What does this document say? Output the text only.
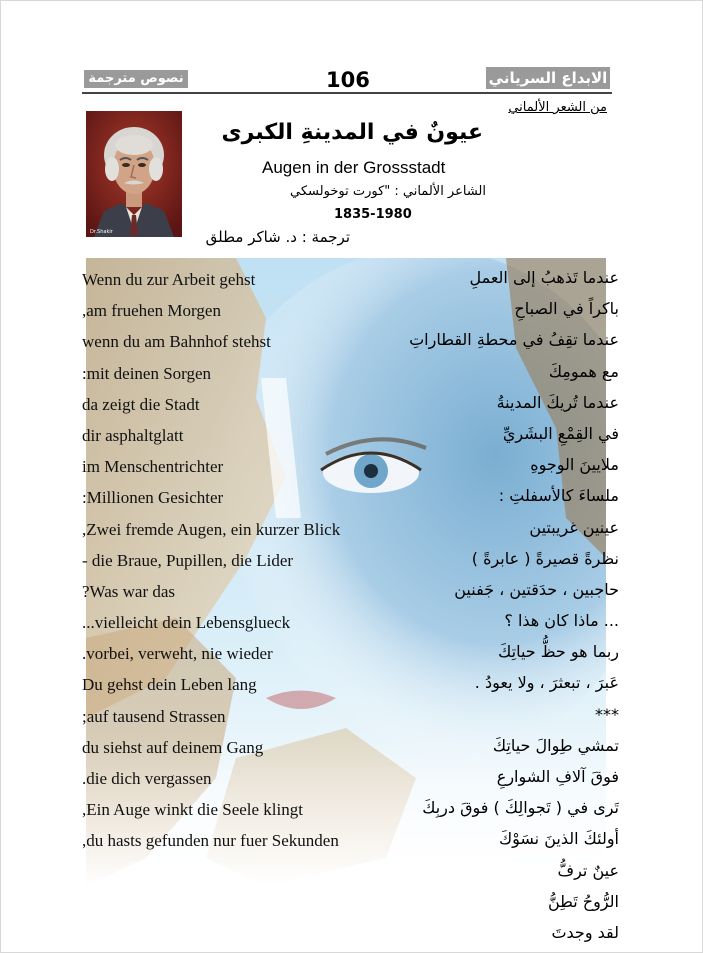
نصوص مترجمة	106	الابداع السرياني
من الشعر الألماني
Dr.Shakir
عيونٌ في المدينةِ الكبرى
Augen in der Grossstadt
الشاعر الألماني : "كورت توخولسكي
1835-1980
ترجمة : د. شاكر مطلق
Wenn du zur Arbeit gehst
,am fruehen Morgen
wenn du am Bahnhof stehst
:mit deinen Sorgen
da zeigt die Stadt
dir asphaltglatt
im Menschentrichter
:Millionen Gesichter
,Zwei fremde Augen, ein kurzer Blick
- die Braue, Pupillen, die Lider
?Was war das
...vielleicht dein Lebensglueck
.vorbei, verweht, nie wieder
Du gehst dein Leben lang
;auf tausend Strassen
du siehst auf deinem Gang
.die dich vergassen
,Ein Auge winkt die Seele klingt
,du hasts gefunden nur fuer Sekunden
عندما تَذهبُ إلى العملِ
باكراً في الصباحِ
عندما تقِفُ في محطةِ القطاراتِ
مع همومِكَ
عندما تُريكَ المدينةُ
في القِمْعِ البشَريِّ
ملايينَ الوجوهِ
ملساءَ كالأسفلتِ :
عينين غريبتين
نظرةً قصيرةً ( عابرةً )
حاجبين ، حدَقتين ، جَفنين
... ماذا كان هذا ؟
ربما هو حظُّ حياتِكَ
عَبرَ ، تبعثرَ ، ولا يعودُ .
***
تمشي طِوالَ حياتِكَ
فوقَ آلافِ الشوارعِ
تَرى في ( تَجوالِكَ ) فوقَ دربِكَ
أولئكَ الذينَ نسَوْكَ
عينٌ ترفُّ
الرُّوحُ تَطِنُّ
لقد وجدتَ
